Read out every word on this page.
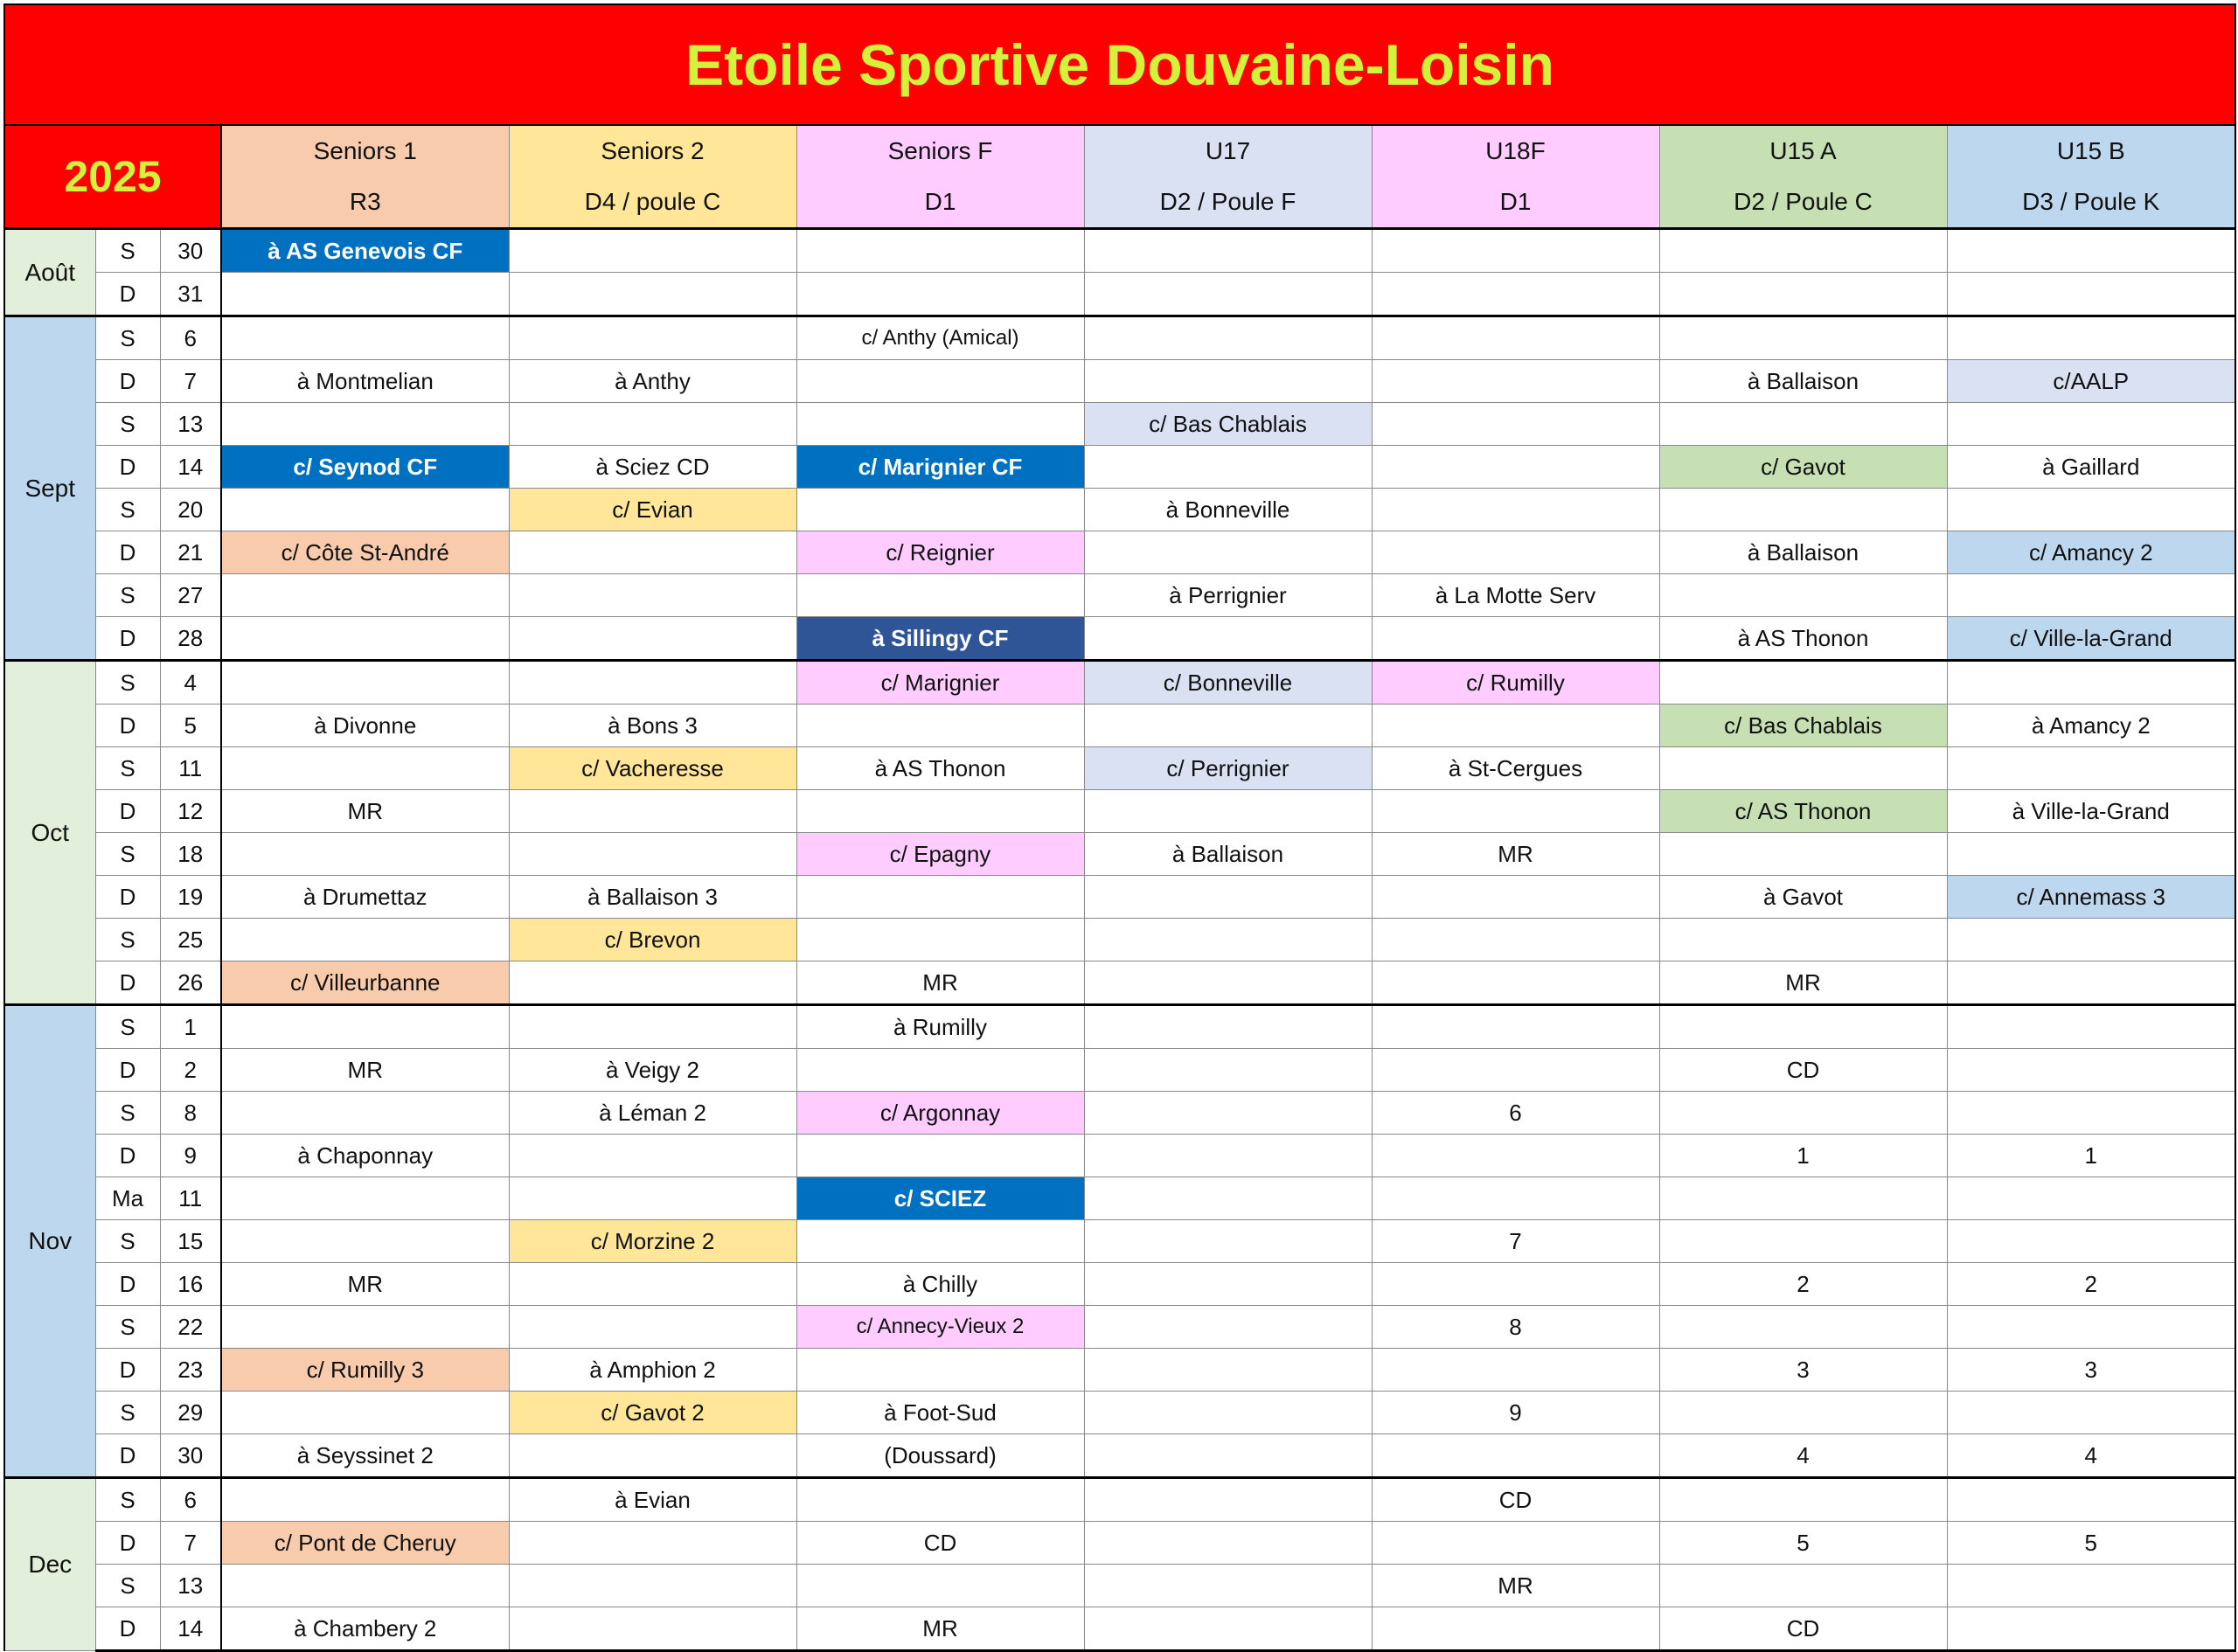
Etoile Sportive Douvaine-Loisin									
2025			Seniors 1	Seniors 2	Seniors F	U17	U18F	U15 A	U15 B
			R3	D4 / poule C	D1	D2 / Poule F	D1	D2 / Poule C	D3 / Poule K
Août	S	30	à AS Genevois CF						
	D	31							
Sept	S	6			c/ Anthy (Amical)				
	D	7	à Montmelian	à Anthy				à Ballaison	c/AALP
	S	13				c/ Bas Chablais			
	D	14	c/ Seynod CF	à Sciez CD	c/ Marignier CF			c/ Gavot	à Gaillard
	S	20		c/ Evian		à Bonneville			
	D	21	c/ Côte St-André		c/ Reignier			à Ballaison	c/ Amancy 2
	S	27				à Perrignier	à La Motte Serv		
	D	28			à Sillingy CF			à AS Thonon	c/ Ville-la-Grand
Oct	S	4			c/ Marignier	c/ Bonneville	c/ Rumilly		
	D	5	à Divonne	à Bons 3				c/ Bas Chablais	à Amancy 2
	S	11		c/ Vacheresse	à AS Thonon	c/ Perrignier	à St-Cergues		
	D	12	MR					c/ AS Thonon	à Ville-la-Grand
	S	18			c/ Epagny	à Ballaison	MR		
	D	19	à Drumettaz	à Ballaison 3				à Gavot	c/ Annemass 3
	S	25		c/ Brevon					
	D	26	c/ Villeurbanne		MR			MR	
Nov	S	1			à Rumilly				
	D	2	MR	à Veigy 2				CD	
	S	8		à Léman 2	c/ Argonnay		6		
	D	9	à Chaponnay					1	1
	Ma	11			c/ SCIEZ				
	S	15		c/ Morzine 2			7		
	D	16	MR		à Chilly			2	2
	S	22			c/ Annecy-Vieux 2		8		
	D	23	c/ Rumilly 3	à Amphion 2				3	3
	S	29		c/ Gavot 2	à Foot-Sud		9		
	D	30	à Seyssinet 2		(Doussard)			4	4
Dec	S	6		à Evian			CD		
	D	7	c/ Pont de Cheruy		CD			5	5
	S	13					MR		
	D	14	à Chambery 2		MR			CD	
